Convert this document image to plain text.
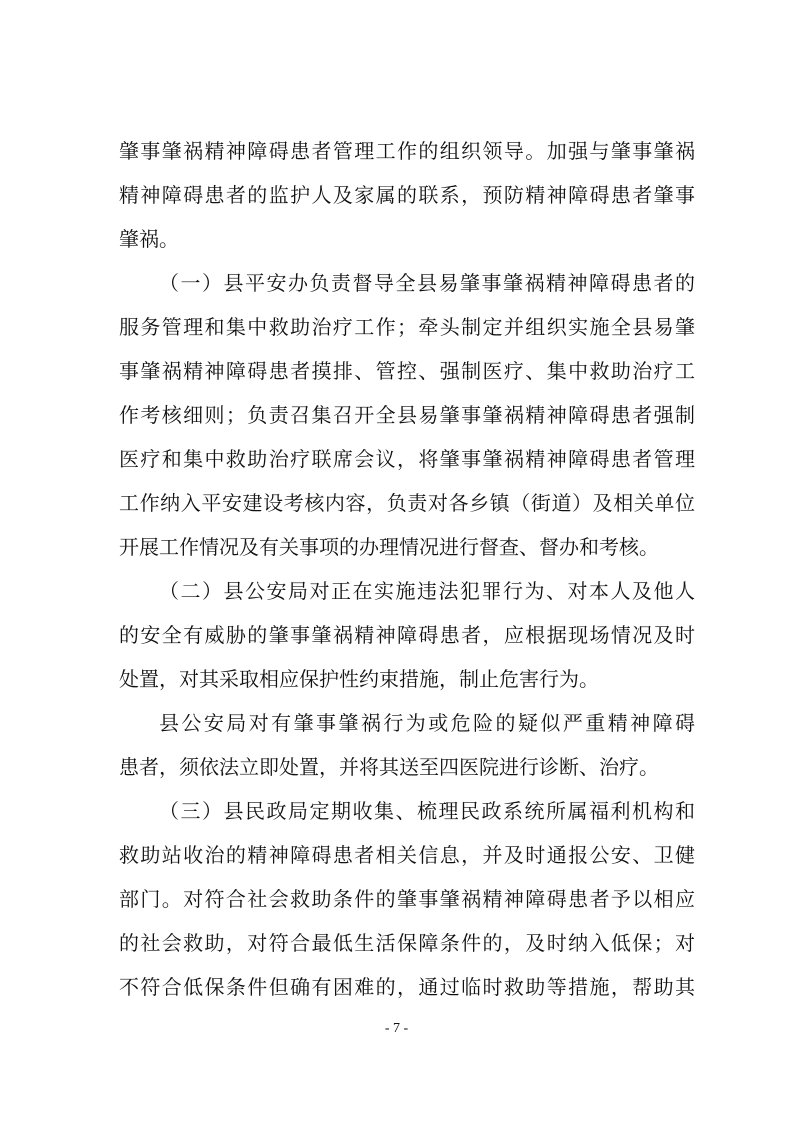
肇事肇祸精神障碍患者管理工作的组织领导。加强与肇事肇祸
精神障碍患者的监护人及家属的联系，预防精神障碍患者肇事
肇祸。
（一）县平安办负责督导全县易肇事肇祸精神障碍患者的
服务管理和集中救助治疗工作；牵头制定并组织实施全县易肇
事肇祸精神障碍患者摸排、管控、强制医疗、集中救助治疗工
作考核细则；负责召集召开全县易肇事肇祸精神障碍患者强制
医疗和集中救助治疗联席会议，将肇事肇祸精神障碍患者管理
工作纳入平安建设考核内容，负责对各乡镇（街道）及相关单位
开展工作情况及有关事项的办理情况进行督查、督办和考核。
（二）县公安局对正在实施违法犯罪行为、对本人及他人
的安全有威胁的肇事肇祸精神障碍患者，应根据现场情况及时
处置，对其采取相应保护性约束措施，制止危害行为。
县公安局对有肇事肇祸行为或危险的疑似严重精神障碍
患者，须依法立即处置，并将其送至四医院进行诊断、治疗。
（三）县民政局定期收集、梳理民政系统所属福利机构和
救助站收治的精神障碍患者相关信息，并及时通报公安、卫健
部门。对符合社会救助条件的肇事肇祸精神障碍患者予以相应
的社会救助，对符合最低生活保障条件的，及时纳入低保；对
不符合低保条件但确有困难的，通过临时救助等措施，帮助其
- 7 -
